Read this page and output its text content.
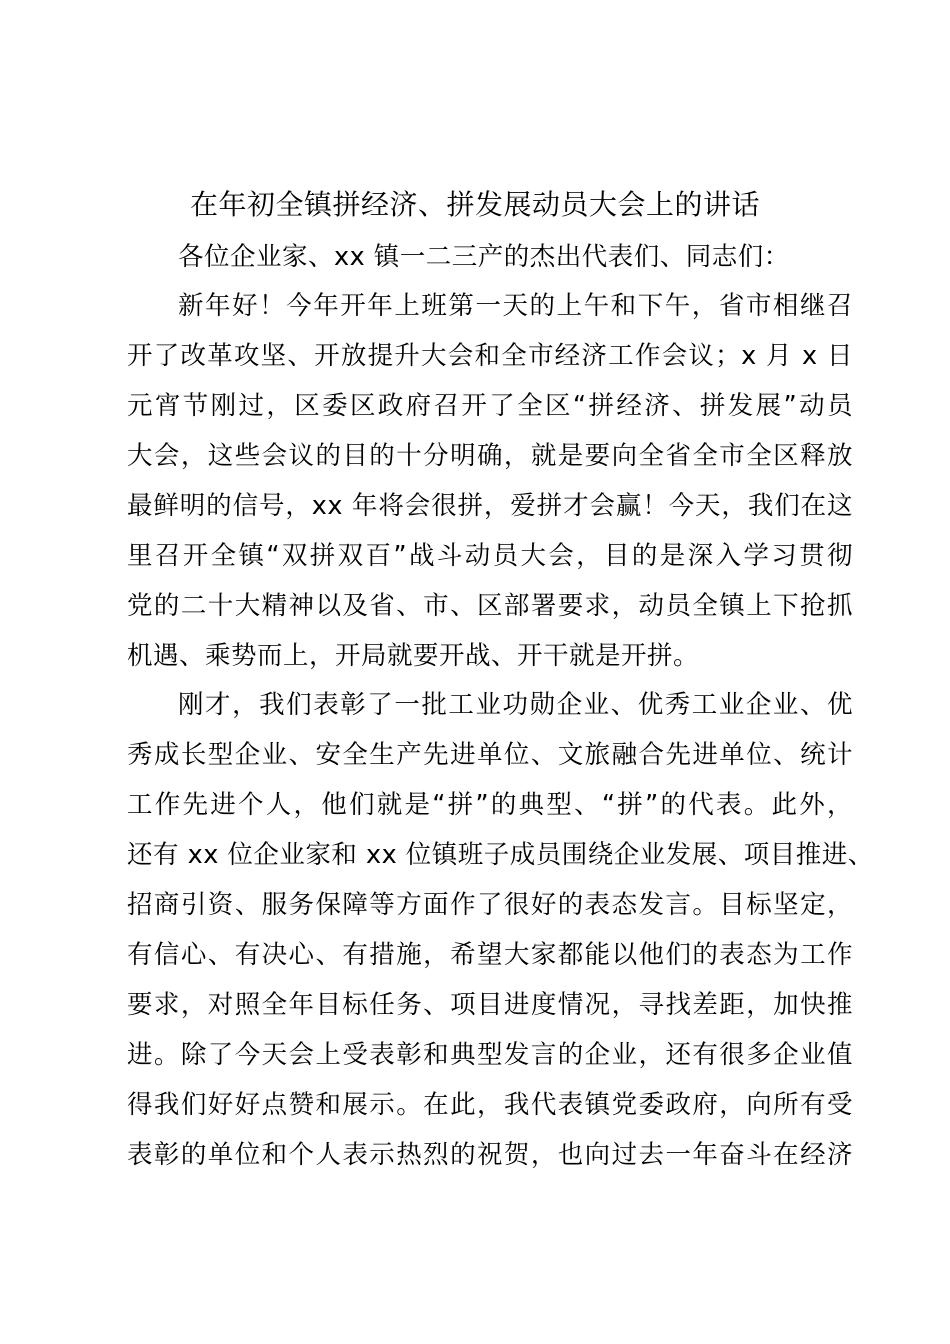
在年初全镇拼经济、拼发展动员大会上的讲话
各位企业家、xx 镇一二三产的杰出代表们、同志们：
新年好！今年开年上班第一天的上午和下午，省市相继召
开了改革攻坚、开放提升大会和全市经济工作会议；x 月 x 日
元宵节刚过，区委区政府召开了全区“拼经济、拼发展”动员
大会，这些会议的目的十分明确，就是要向全省全市全区释放
最鲜明的信号，xx 年将会很拼，爱拼才会赢！今天，我们在这
里召开全镇“双拼双百”战斗动员大会，目的是深入学习贯彻
党的二十大精神以及省、市、区部署要求，动员全镇上下抢抓
机遇、乘势而上，开局就要开战、开干就是开拼。
刚才，我们表彰了一批工业功勋企业、优秀工业企业、优
秀成长型企业、安全生产先进单位、文旅融合先进单位、统计
工作先进个人，他们就是“拼”的典型、“拼”的代表。此外，
还有 xx 位企业家和 xx 位镇班子成员围绕企业发展、项目推进、
招商引资、服务保障等方面作了很好的表态发言。目标坚定，
有信心、有决心、有措施，希望大家都能以他们的表态为工作
要求，对照全年目标任务、项目进度情况，寻找差距，加快推
进。除了今天会上受表彰和典型发言的企业，还有很多企业值
得我们好好点赞和展示。在此，我代表镇党委政府，向所有受
表彰的单位和个人表示热烈的祝贺，也向过去一年奋斗在经济
